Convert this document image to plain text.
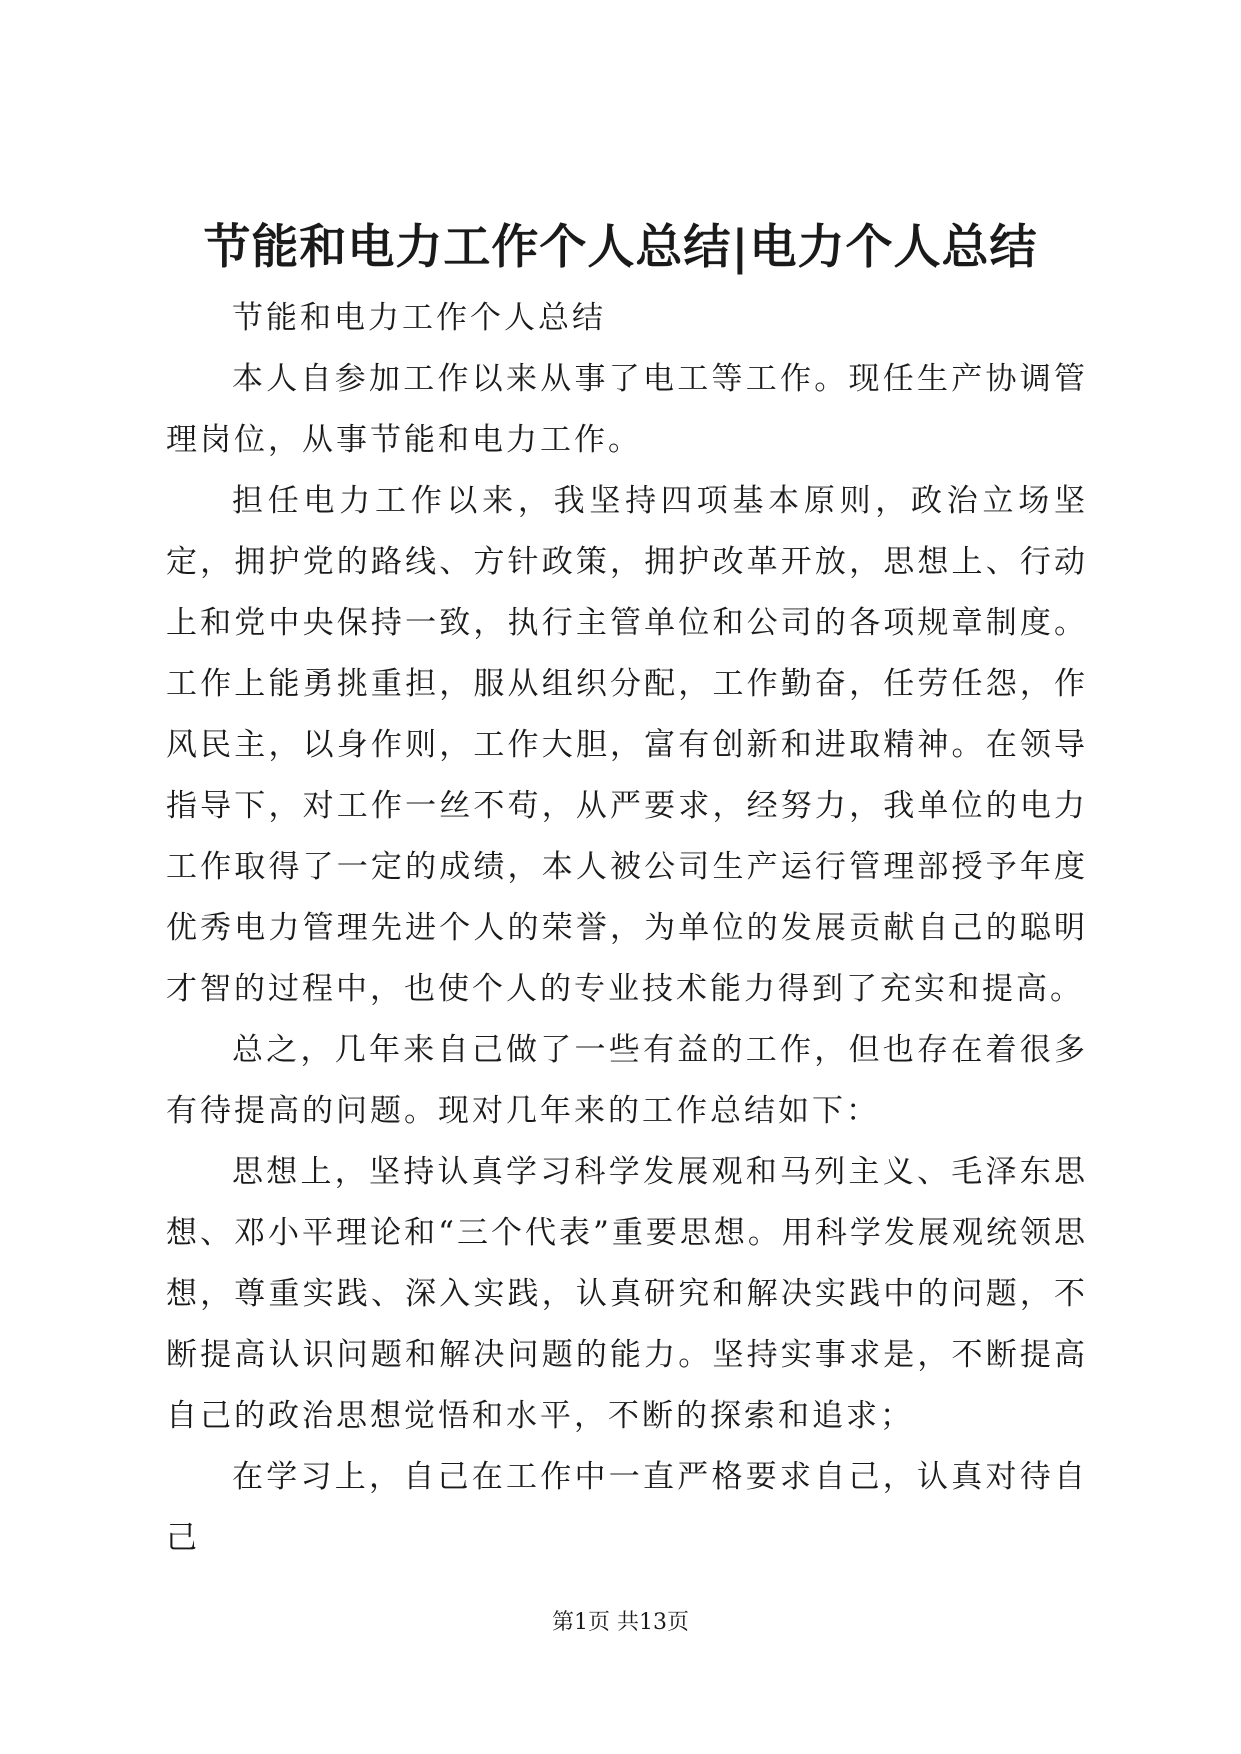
节能和电力工作个人总结|电力个人总结

节能和电力工作个人总结

本人自参加工作以来从事了电工等工作。现任生产协调管理岗位，从事节能和电力工作。

担任电力工作以来，我坚持四项基本原则，政治立场坚定，拥护党的路线、方针政策，拥护改革开放，思想上、行动上和党中央保持一致，执行主管单位和公司的各项规章制度。工作上能勇挑重担，服从组织分配，工作勤奋，任劳任怨，作风民主，以身作则，工作大胆，富有创新和进取精神。在领导指导下，对工作一丝不苟，从严要求，经努力，我单位的电力工作取得了一定的成绩，本人被公司生产运行管理部授予年度优秀电力管理先进个人的荣誉，为单位的发展贡献自己的聪明才智的过程中，也使个人的专业技术能力得到了充实和提高。

总之，几年来自己做了一些有益的工作，但也存在着很多有待提高的问题。现对几年来的工作总结如下：

思想上，坚持认真学习科学发展观和马列主义、毛泽东思想、邓小平理论和“三个代表”重要思想。用科学发展观统领思想，尊重实践、深入实践，认真研究和解决实践中的问题，不断提高认识问题和解决问题的能力。坚持实事求是，不断提高自己的政治思想觉悟和水平，不断的探索和追求；

在学习上，自己在工作中一直严格要求自己，认真对待自己

第1页 共13页
